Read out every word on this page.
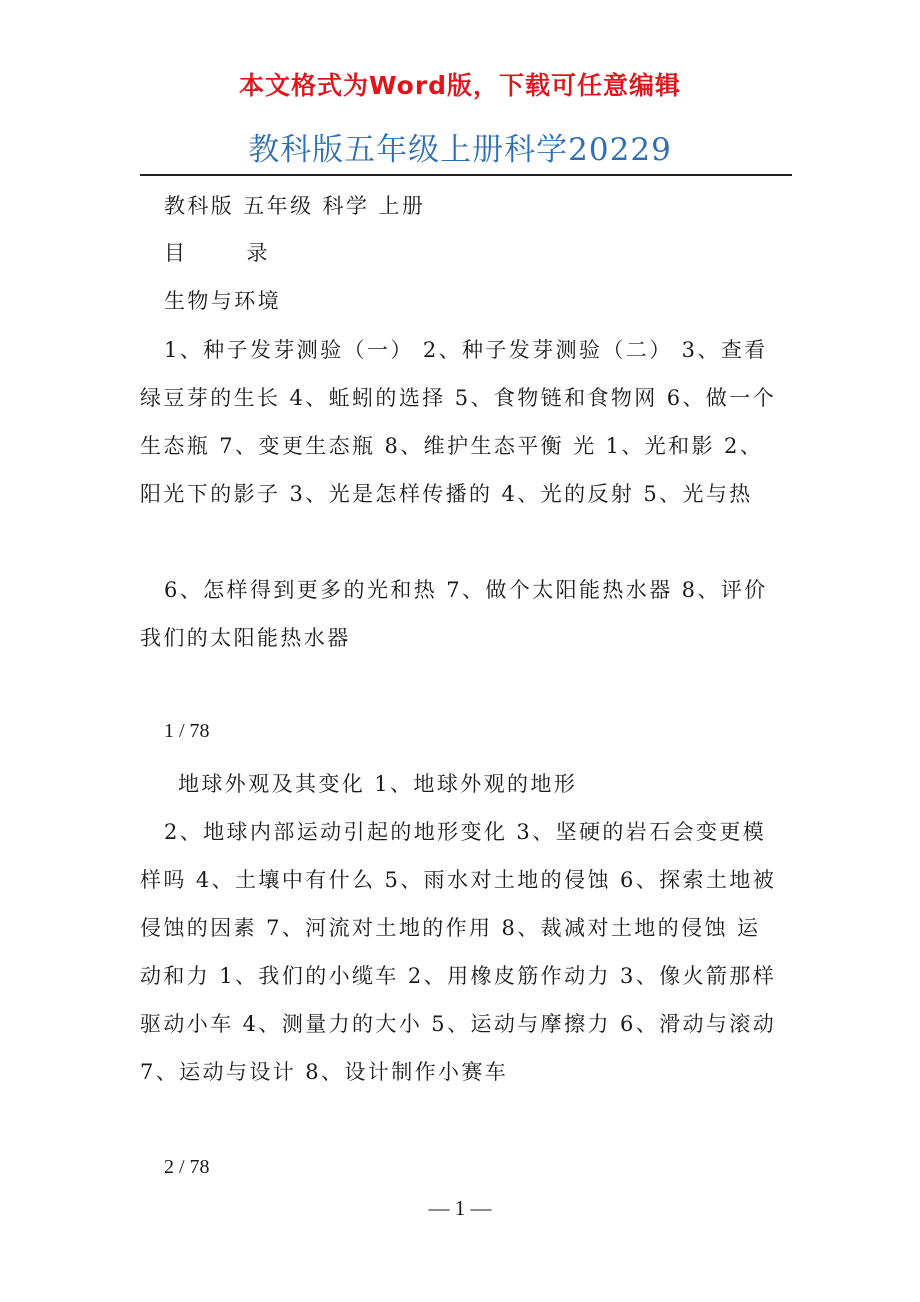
本文格式为Word版，下载可任意编辑
教科版五年级上册科学20229

教科版 五年级 科学 上册

目 录

生物与环境

1、种子发芽测验（一） 2、种子发芽测验（二） 3、查看绿豆芽的生长 4、蚯蚓的选择 5、食物链和食物网 6、做一个生态瓶 7、变更生态瓶 8、维护生态平衡 光 1、光和影 2、阳光下的影子 3、光是怎样传播的 4、光的反射 5、光与热

6、怎样得到更多的光和热 7、做个太阳能热水器 8、评价我们的太阳能热水器

1 / 78

地球外观及其变化 1、地球外观的地形

2、地球内部运动引起的地形变化 3、坚硬的岩石会变更模样吗 4、土壤中有什么 5、雨水对土地的侵蚀 6、探索土地被侵蚀的因素 7、河流对土地的作用 8、裁减对土地的侵蚀 运动和力 1、我们的小缆车 2、用橡皮筋作动力 3、像火箭那样驱动小车 4、测量力的大小 5、运动与摩擦力 6、滑动与滚动 7、运动与设计 8、设计制作小赛车

2 / 78
— 1 —
